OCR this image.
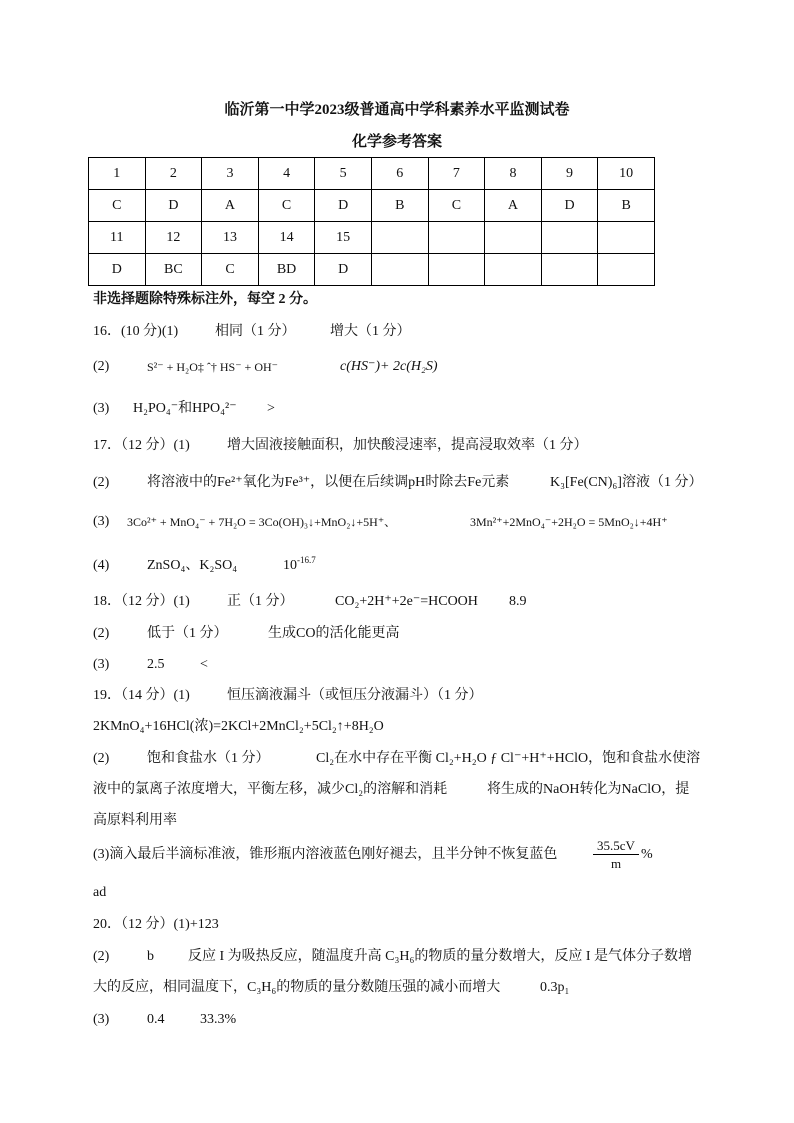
临沂第一中学2023级普通高中学科素养水平监测试卷
化学参考答案
1	2	3	4	5	6	7	8	9	10
C	D	A	C	D	B	C	A	D	B
11	12	13	14	15					
D	BC	C	BD	D					
非选择题除特殊标注外，每空 2 分。
16．(10 分)(1)	相同（1 分） 增大（1 分）
(2)	S²⁻ + H₂O‡ ˆ† HS⁻ + OH⁻	c(HS⁻)+ 2c(H₂S)
(3) H₂PO₄⁻和HPO₄²⁻ >
17．（12 分）(1)	增大固液接触面积，加快酸浸速率，提高浸取效率（1 分）
(2)	将溶液中的Fe²⁺氧化为Fe³⁺，以便在后续调pH时除去Fe元素	K₃[Fe(CN)₆]溶液（1 分）
(3) 3Co²⁺ + MnO₄⁻ + 7H₂O = 3Co(OH)₃↓+MnO₂↓+5H⁺、	3Mn²⁺+2MnO₄⁻+2H₂O = 5MnO₂↓+4H⁺
(4)	ZnSO₄、K₂SO₄	$10^{-16.7}$
18．（12 分）(1)	正（1 分）	CO₂+2H⁺+2e⁻=HCOOH 8.9
(2)	低于（1 分）	生成CO的活化能更高
(3)	2.5	<
19．（14 分）(1)	恒压滴液漏斗（或恒压分液漏斗）（1 分）
2KMnO₄+16HCl(浓)=2KCl+2MnCl₂+5Cl₂↑+8H₂O
(2)	饱和食盐水（1 分）	Cl₂在水中存在平衡 Cl₂+H₂O ƒ Cl⁻+H⁺+HClO，饱和食盐水使溶
液中的氯离子浓度增大，平衡左移，减少Cl₂的溶解和消耗	将生成的NaOH转化为NaClO，提
高原料利用率
(3)滴入最后半滴标准液，锥形瓶内溶液蓝色刚好褪去，且半分钟不恢复蓝色	$\frac{35.5cV}{m}$ %
ad
20．（12 分）(1)+123
(2)	b 反应 I 为吸热反应，随温度升高 C₃H₆的物质的量分数增大，反应 I 是气体分子数增
大的反应，相同温度下，C₃H₆的物质的量分数随压强的减小而增大	0.3p₁
(3)	0.4	33.3%
